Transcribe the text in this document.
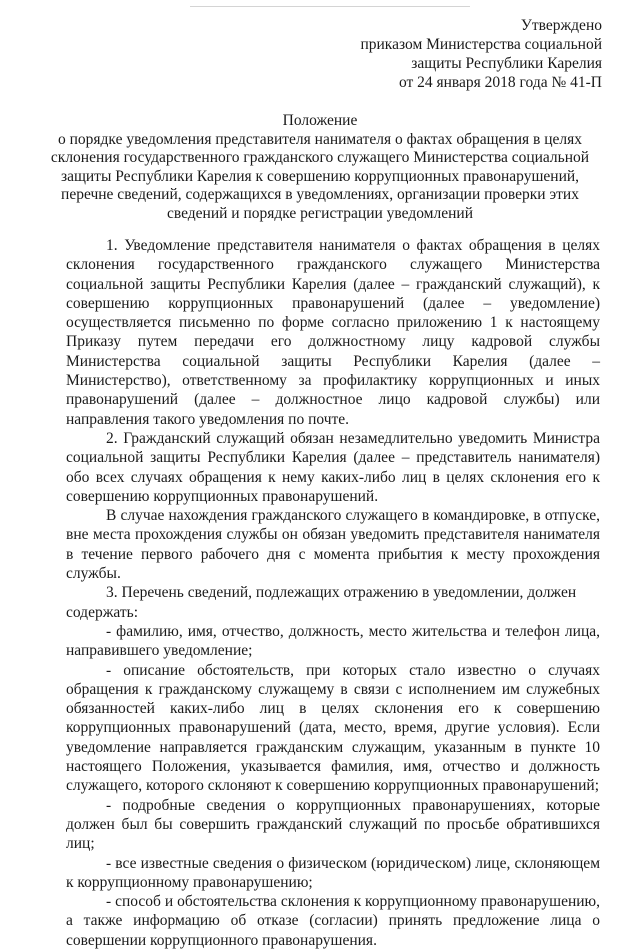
Утверждено
приказом Министерства социальной
защиты Республики Карелия
от 24 января 2018 года № 41-П
Положение
о порядке уведомления представителя нанимателя о фактах обращения в целях
склонения государственного гражданского служащего Министерства социальной
защиты Республики Карелия к совершению коррупционных правонарушений,
перечне сведений, содержащихся в уведомлениях, организации проверки этих
сведений и порядке регистрации уведомлений

1. Уведомление представителя нанимателя о фактах обращения в целях склонения государственного гражданского служащего Министерства социальной защиты Республики Карелия (далее – гражданский служащий), к совершению коррупционных правонарушений (далее – уведомление) осуществляется письменно по форме согласно приложению 1 к настоящему Приказу путем передачи его должностному лицу кадровой службы Министерства социальной защиты Республики Карелия (далее – Министерство), ответственному за профилактику коррупционных и иных правонарушений (далее – должностное лицо кадровой службы) или направления такого уведомления по почте.

2. Гражданский служащий обязан незамедлительно уведомить Министра социальной защиты Республики Карелия (далее – представитель нанимателя) обо всех случаях обращения к нему каких-либо лиц в целях склонения его к совершению коррупционных правонарушений.

В случае нахождения гражданского служащего в командировке, в отпуске, вне места прохождения службы он обязан уведомить представителя нанимателя в течение первого рабочего дня с момента прибытия к месту прохождения службы.

3. Перечень сведений, подлежащих отражению в уведомлении, должен

содержать:

- фамилию, имя, отчество, должность, место жительства и телефон лица, направившего уведомление;

- описание обстоятельств, при которых стало известно о случаях обращения к гражданскому служащему в связи с исполнением им служебных обязанностей каких-либо лиц в целях склонения его к совершению коррупционных правонарушений (дата, место, время, другие условия). Если уведомление направляется гражданским служащим, указанным в пункте 10 настоящего Положения, указывается фамилия, имя, отчество и должность служащего, которого склоняют к совершению коррупционных правонарушений;

- подробные сведения о коррупционных правонарушениях, которые должен был бы совершить гражданский служащий по просьбе обратившихся лиц;

- все известные сведения о физическом (юридическом) лице, склоняющем к коррупционному правонарушению;

- способ и обстоятельства склонения к коррупционному правонарушению, а также информацию об отказе (согласии) принять предложение лица о совершении коррупционного правонарушения.
